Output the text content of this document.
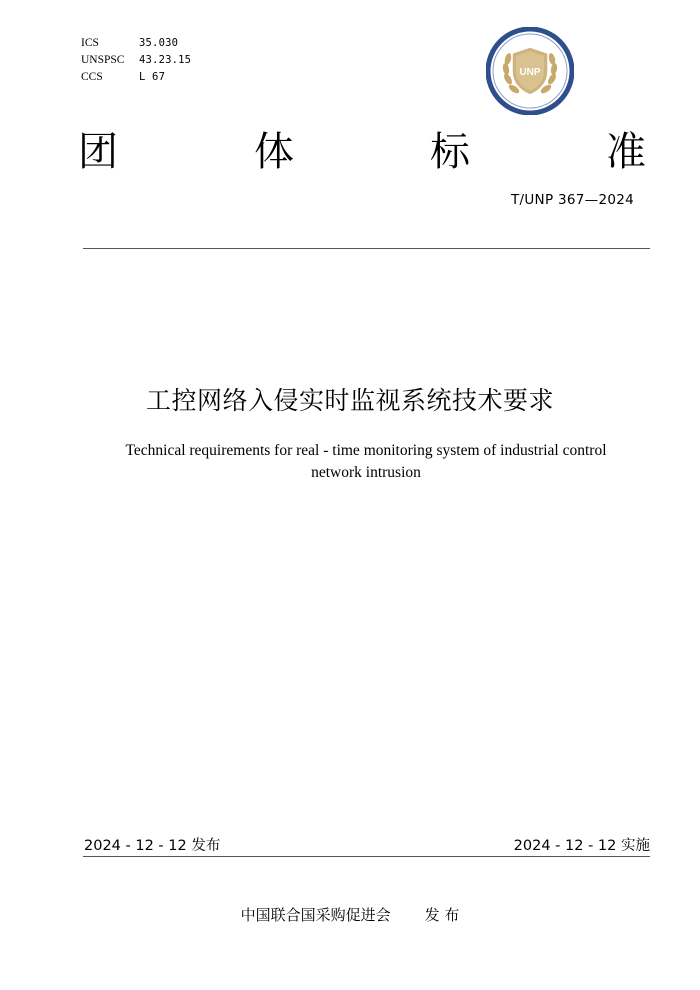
ICS	35.030
UNSPSC	43.23.15
CCS	L 67	UNP
团	体	标	准
T/UNP 367—2024
工控网络入侵实时监视系统技术要求
Technical requirements for real - time monitoring system of industrial control network intrusion
2024 - 12 - 12 发布	2024 - 12 - 12 实施
中国联合国采购促进会 发 布
